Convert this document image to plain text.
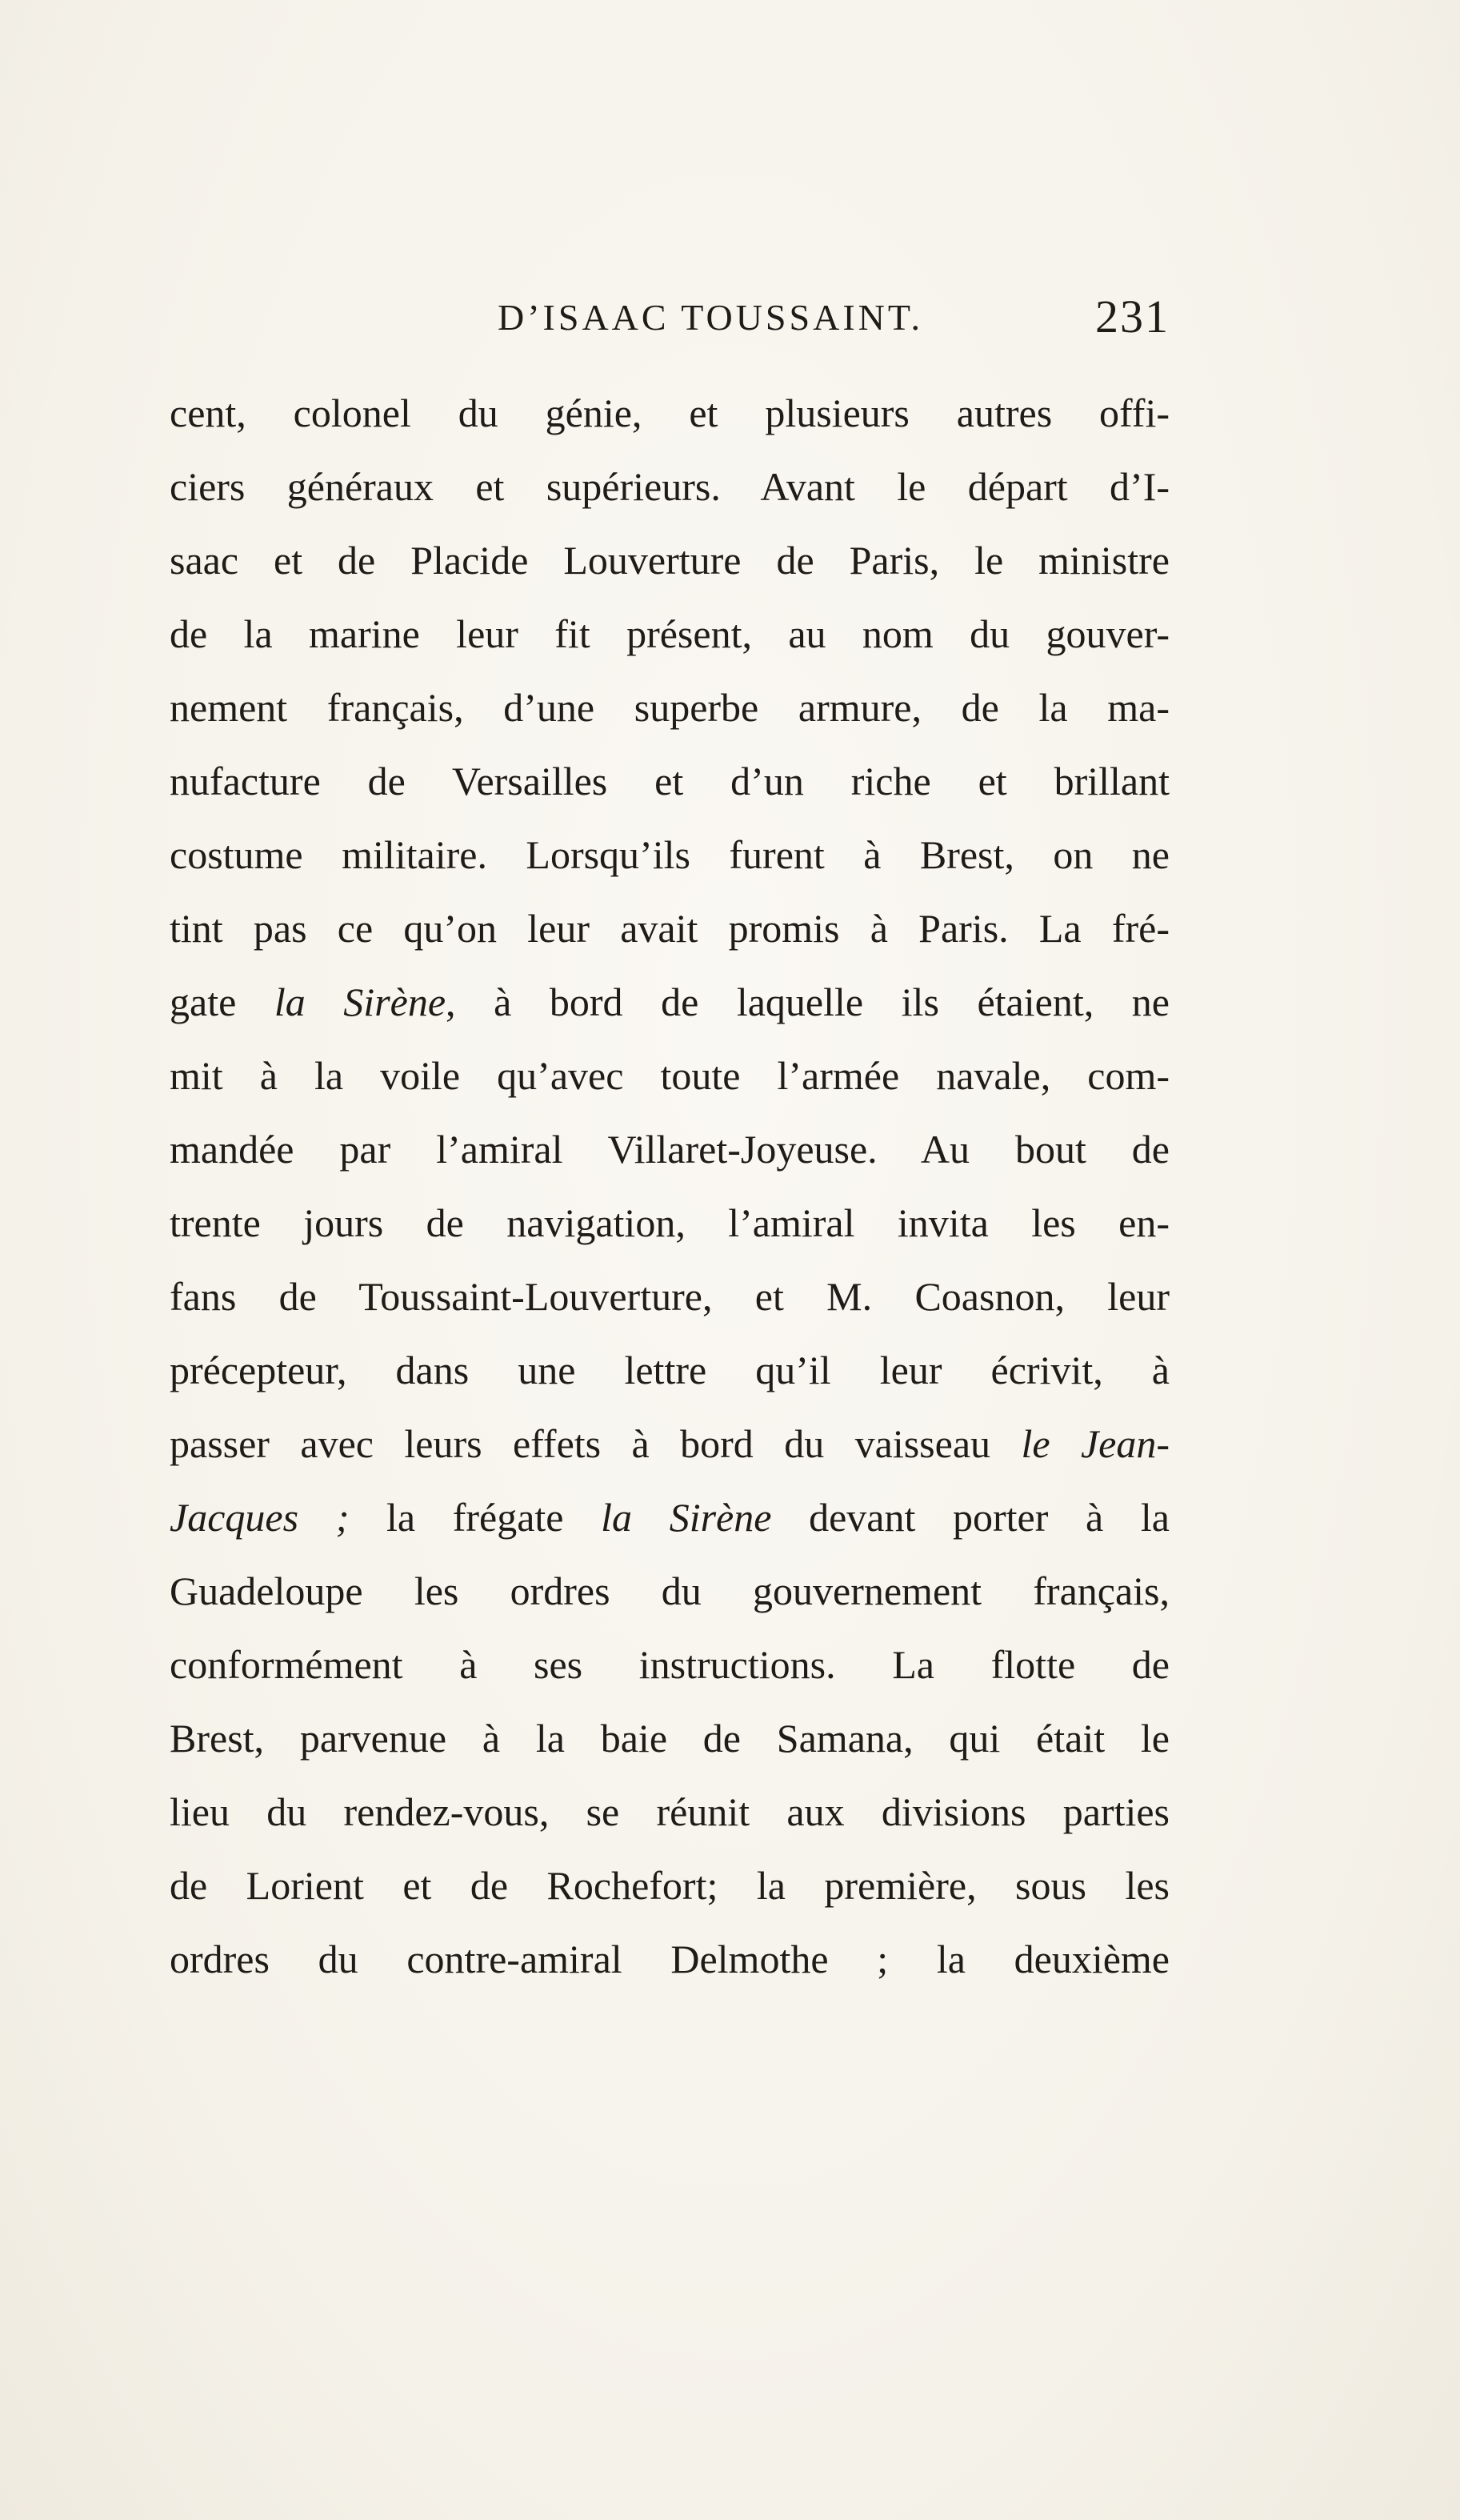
D’ISAAC TOUSSAINT.	231
cent, colonel du génie, et plusieurs autres offi-
ciers généraux et supérieurs. Avant le départ d’I-
saac et de Placide Louverture de Paris, le ministre
de la marine leur fit présent, au nom du gouver-
nement français, d’une superbe armure, de la ma-
nufacture de Versailles et d’un riche et brillant
costume militaire. Lorsqu’ils furent à Brest, on ne
tint pas ce qu’on leur avait promis à Paris. La fré-
gate la Sirène, à bord de laquelle ils étaient, ne
mit à la voile qu’avec toute l’armée navale, com-
mandée par l’amiral Villaret-Joyeuse. Au bout de
trente jours de navigation, l’amiral invita les en-
fans de Toussaint-Louverture, et M. Coasnon, leur
précepteur, dans une lettre qu’il leur écrivit, à
passer avec leurs effets à bord du vaisseau le Jean-
Jacques ; la frégate la Sirène devant porter à la
Guadeloupe les ordres du gouvernement français,
conformément à ses instructions. La flotte de
Brest, parvenue à la baie de Samana, qui était le
lieu du rendez-vous, se réunit aux divisions parties
de Lorient et de Rochefort; la première, sous les
ordres du contre-amiral Delmothe ; la deuxième
